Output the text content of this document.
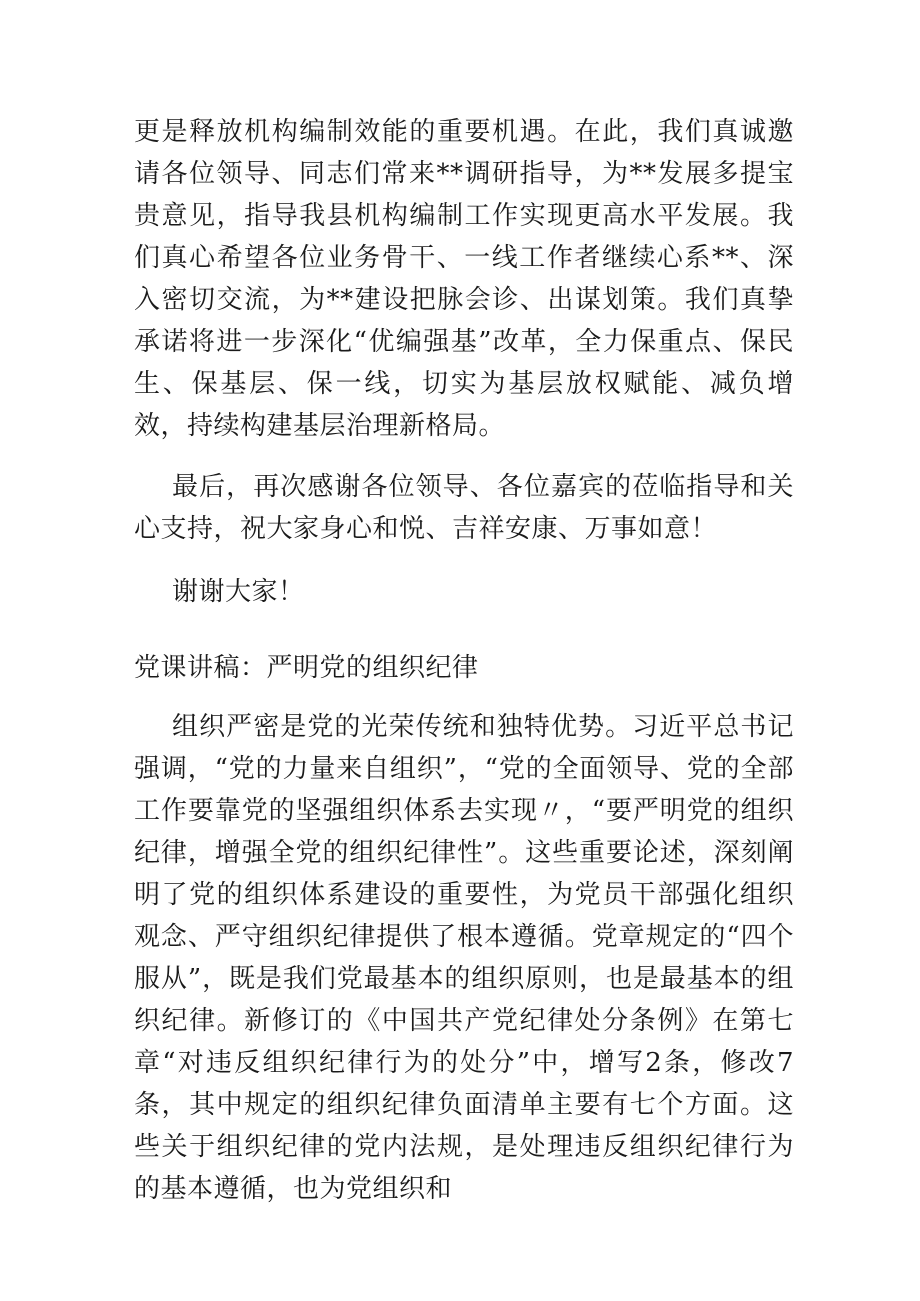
更是释放机构编制效能的重要机遇。在此，我们真诚邀请各位领导、同志们常来**调研指导，为**发展多提宝贵意见，指导我县机构编制工作实现更高水平发展。我们真心希望各位业务骨干、一线工作者继续心系**、深入密切交流，为**建设把脉会诊、出谋划策。我们真挚承诺将进一步深化“优编强基”改革，全力保重点、保民生、保基层、保一线，切实为基层放权赋能、减负增效，持续构建基层治理新格局。

最后，再次感谢各位领导、各位嘉宾的莅临指导和关心支持，祝大家身心和悦、吉祥安康、万事如意！

谢谢大家！

党课讲稿：严明党的组织纪律

组织严密是党的光荣传统和独特优势。习近平总书记强调，“党的力量来自组织”，“党的全面领导、党的全部工作要靠党的坚强组织体系去实现〃，“要严明党的组织纪律，增强全党的组织纪律性”。这些重要论述，深刻阐明了党的组织体系建设的重要性，为党员干部强化组织观念、严守组织纪律提供了根本遵循。党章规定的“四个服从”，既是我们党最基本的组织原则，也是最基本的组织纪律。新修订的《中国共产党纪律处分条例》在第七章“对违反组织纪律行为的处分”中，增写2条，修改7条，其中规定的组织纪律负面清单主要有七个方面。这些关于组织纪律的党内法规，是处理违反组织纪律行为的基本遵循，也为党组织和
